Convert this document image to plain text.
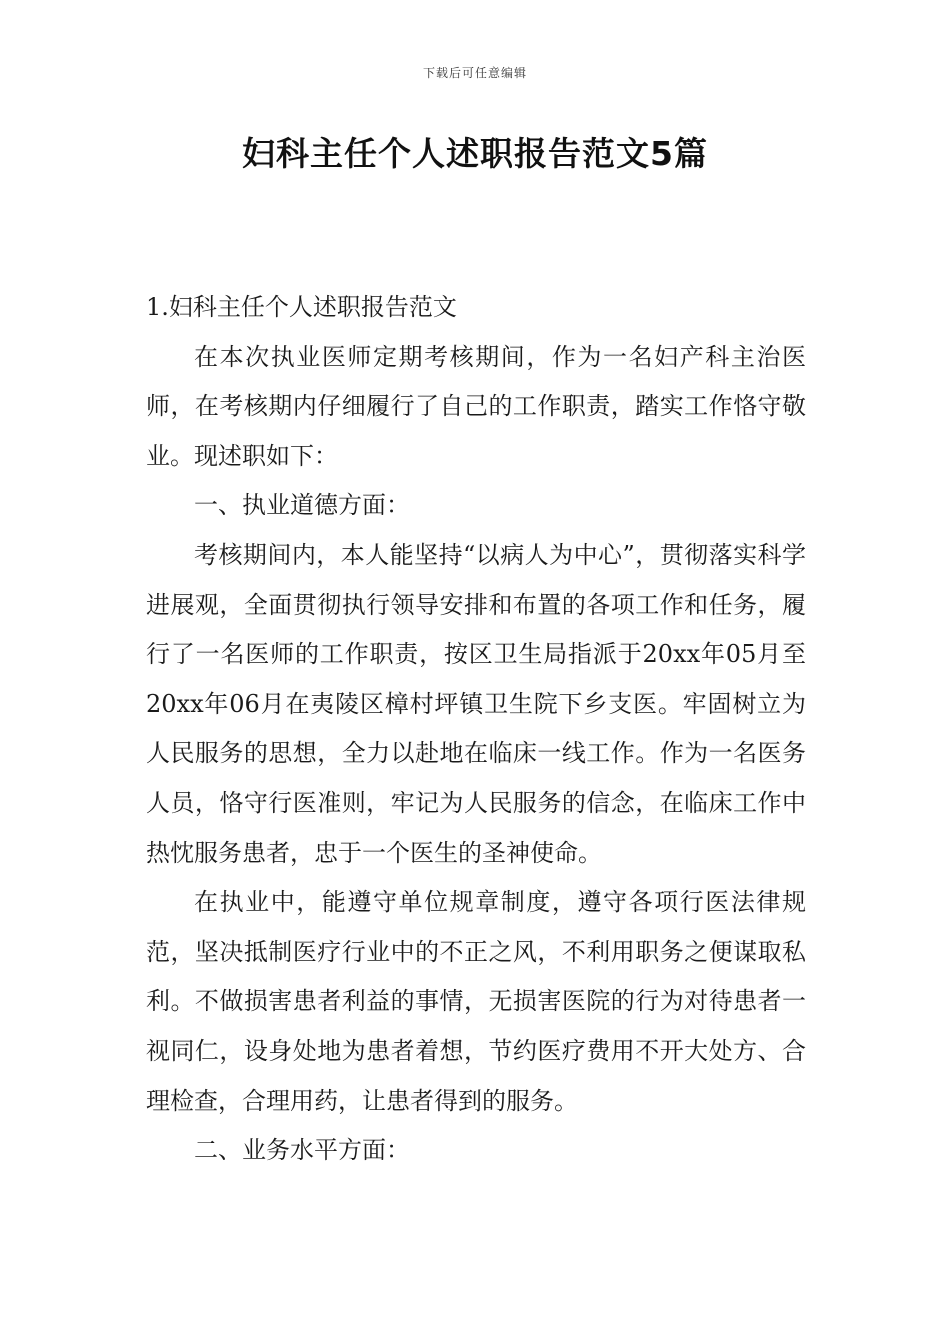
下载后可任意编辑
妇科主任个人述职报告范文5篇

1.妇科主任个人述职报告范文

在本次执业医师定期考核期间，作为一名妇产科主治医师，在考核期内仔细履行了自己的工作职责，踏实工作恪守敬业。现述职如下：

一、执业道德方面：

考核期间内，本人能坚持“以病人为中心”，贯彻落实科学进展观，全面贯彻执行领导安排和布置的各项工作和任务，履行了一名医师的工作职责，按区卫生局指派于20xx年05月至20xx年06月在夷陵区樟村坪镇卫生院下乡支医。牢固树立为人民服务的思想，全力以赴地在临床一线工作。作为一名医务人员，恪守行医准则，牢记为人民服务的信念，在临床工作中热忱服务患者，忠于一个医生的圣神使命。

在执业中，能遵守单位规章制度，遵守各项行医法律规范，坚决抵制医疗行业中的不正之风，不利用职务之便谋取私利。不做损害患者利益的事情，无损害医院的行为对待患者一视同仁，设身处地为患者着想，节约医疗费用不开大处方、合理检查，合理用药，让患者得到的服务。

二、业务水平方面：
